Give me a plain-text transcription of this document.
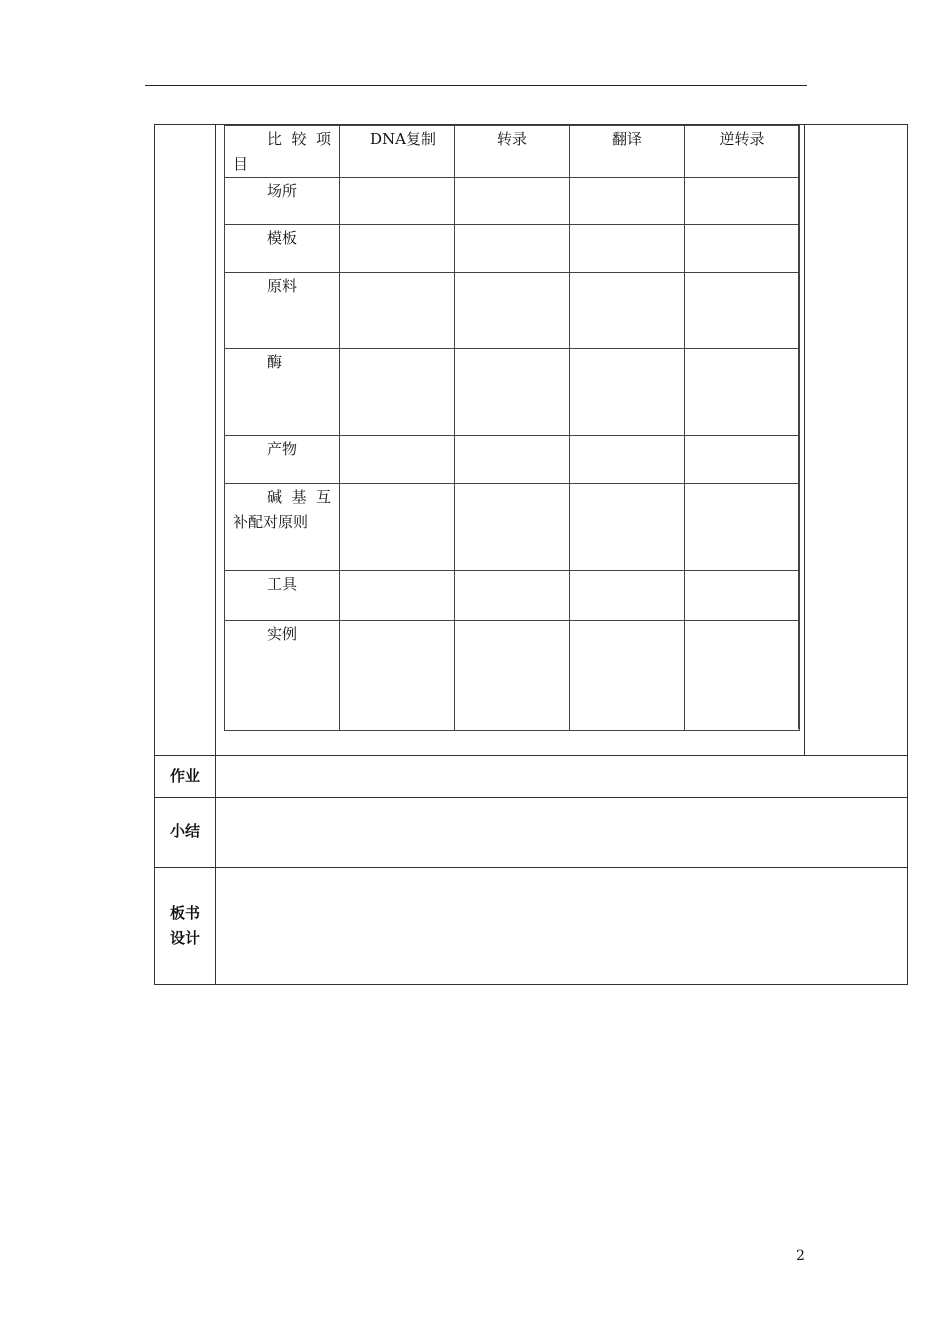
比 较 项
目	DNA复制	转录	翻译	逆转录

场所				

模板				

原料				

酶				

产物				

碱 基 互
补配对原则				

工具				

实例				

作业
小结
板书
设计
2
